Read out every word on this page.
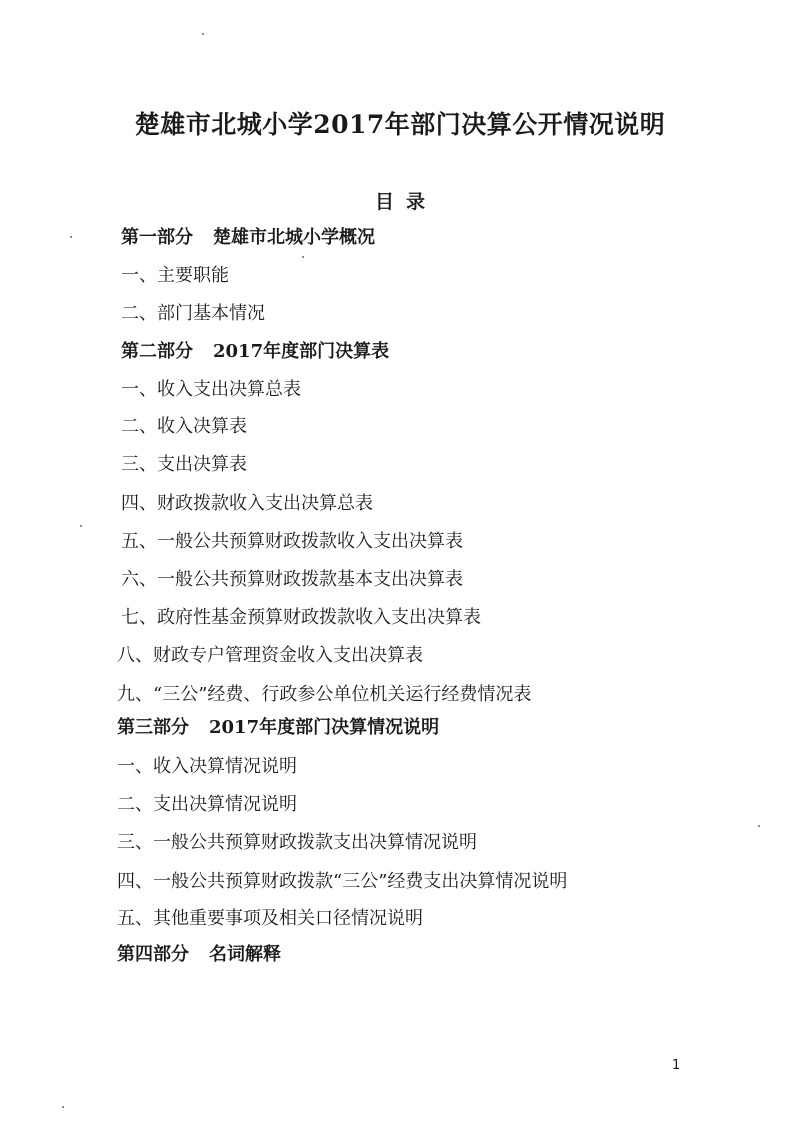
楚雄市北城小学2017年部门决算公开情况说明
目录
第一部分 楚雄市北城小学概况
一、主要职能
二、部门基本情况
第二部分 2017年度部门决算表
一、收入支出决算总表
二、收入决算表
三、支出决算表
四、财政拨款收入支出决算总表
五、一般公共预算财政拨款收入支出决算表
六、一般公共预算财政拨款基本支出决算表
七、政府性基金预算财政拨款收入支出决算表
八、财政专户管理资金收入支出决算表
九、“三公”经费、行政参公单位机关运行经费情况表
第三部分 2017年度部门决算情况说明
一、收入决算情况说明
二、支出决算情况说明
三、一般公共预算财政拨款支出决算情况说明
四、一般公共预算财政拨款“三公”经费支出决算情况说明
五、其他重要事项及相关口径情况说明
第四部分 名词解释
1
